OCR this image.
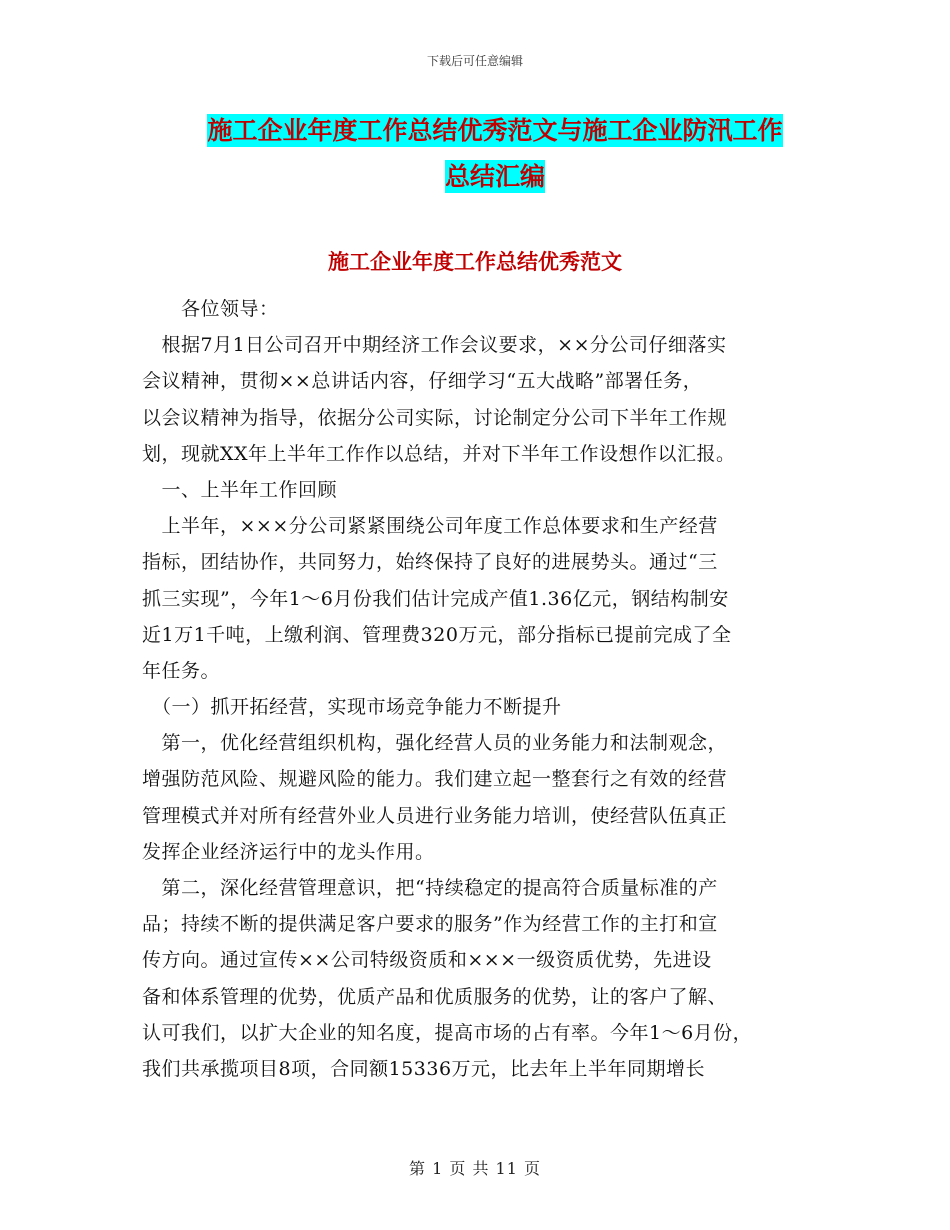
下载后可任意编辑
施工企业年度工作总结优秀范文与施工企业防汛工作
总结汇编
施工企业年度工作总结优秀范文
　　各位领导：
　根据7月1日公司召开中期经济工作会议要求，××分公司仔细落实
会议精神，贯彻××总讲话内容，仔细学习“五大战略”部署任务，
以会议精神为指导，依据分公司实际，讨论制定分公司下半年工作规
划，现就XX年上半年工作作以总结，并对下半年工作设想作以汇报。
　一、上半年工作回顾
　上半年，×××分公司紧紧围绕公司年度工作总体要求和生产经营
指标，团结协作，共同努力，始终保持了良好的进展势头。通过“三
抓三实现”，今年1～6月份我们估计完成产值1.36亿元，钢结构制安
近1万1千吨，上缴利润、管理费320万元，部分指标已提前完成了全
年任务。
　（一）抓开拓经营，实现市场竞争能力不断提升
　第一，优化经营组织机构，强化经营人员的业务能力和法制观念，
增强防范风险、规避风险的能力。我们建立起一整套行之有效的经营
管理模式并对所有经营外业人员进行业务能力培训，使经营队伍真正
发挥企业经济运行中的龙头作用。
　第二，深化经营管理意识，把“持续稳定的提高符合质量标准的产
品；持续不断的提供满足客户要求的服务”作为经营工作的主打和宣
传方向。通过宣传××公司特级资质和×××一级资质优势，先进设
备和体系管理的优势，优质产品和优质服务的优势，让的客户了解、
认可我们，以扩大企业的知名度，提高市场的占有率。今年1～6月份，
我们共承揽项目8项，合同额15336万元，比去年上半年同期增长
第 1 页 共 11 页
